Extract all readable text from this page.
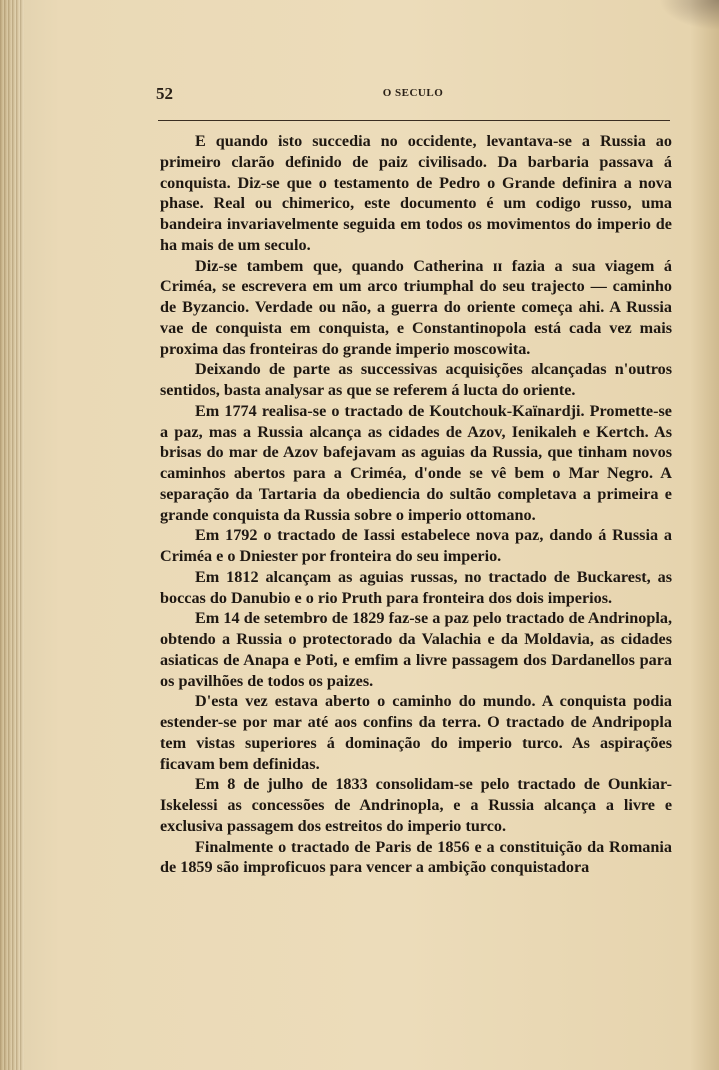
52	O SECULO

E quando isto succedia no occidente, levantava-se a Russia ao primeiro clarão definido de paiz civilisado. Da barbaria passava á conquista. Diz-se que o testamento de Pedro o Grande definira a nova phase. Real ou chimerico, este documento é um codigo russo, uma bandeira invariavelmente seguida em todos os movimentos do imperio de ha mais de um seculo.

Diz-se tambem que, quando Catherina ɪɪ fazia a sua viagem á Criméa, se escrevera em um arco triumphal do seu trajecto — caminho de Byzancio. Verdade ou não, a guerra do oriente começa ahi. A Russia vae de conquista em conquista, e Constantinopola está cada vez mais proxima das fronteiras do grande imperio moscowita.

Deixando de parte as successivas acquisições alcançadas n'outros sentidos, basta analysar as que se referem á lucta do oriente.

Em 1774 realisa-se o tractado de Koutchouk-Kaïnardji. Promette-se a paz, mas a Russia alcança as cidades de Azov, Ienikaleh e Kertch. As brisas do mar de Azov bafejavam as aguias da Russia, que tinham novos caminhos abertos para a Criméa, d'onde se vê bem o Mar Negro. A separação da Tartaria da obediencia do sultão completava a primeira e grande conquista da Russia sobre o imperio ottomano.

Em 1792 o tractado de Iassi estabelece nova paz, dando á Russia a Criméa e o Dniester por fronteira do seu imperio.

Em 1812 alcançam as aguias russas, no tractado de Buckarest, as boccas do Danubio e o rio Pruth para fronteira dos dois imperios.

Em 14 de setembro de 1829 faz-se a paz pelo tractado de Andrinopla, obtendo a Russia o protectorado da Valachia e da Moldavia, as cidades asiaticas de Anapa e Poti, e emfim a livre passagem dos Dardanellos para os pavilhões de todos os paizes.

D'esta vez estava aberto o caminho do mundo. A conquista podia estender-se por mar até aos confins da terra. O tractado de Andripopla tem vistas superiores á dominação do imperio turco. As aspirações ficavam bem definidas.

Em 8 de julho de 1833 consolidam-se pelo tractado de Ounkiar-Iskelessi as concessões de Andrinopla, e a Russia alcança a livre e exclusiva passagem dos estreitos do imperio turco.

Finalmente o tractado de Paris de 1856 e a constituição da Romania de 1859 são improficuos para vencer a ambição conquistadora
